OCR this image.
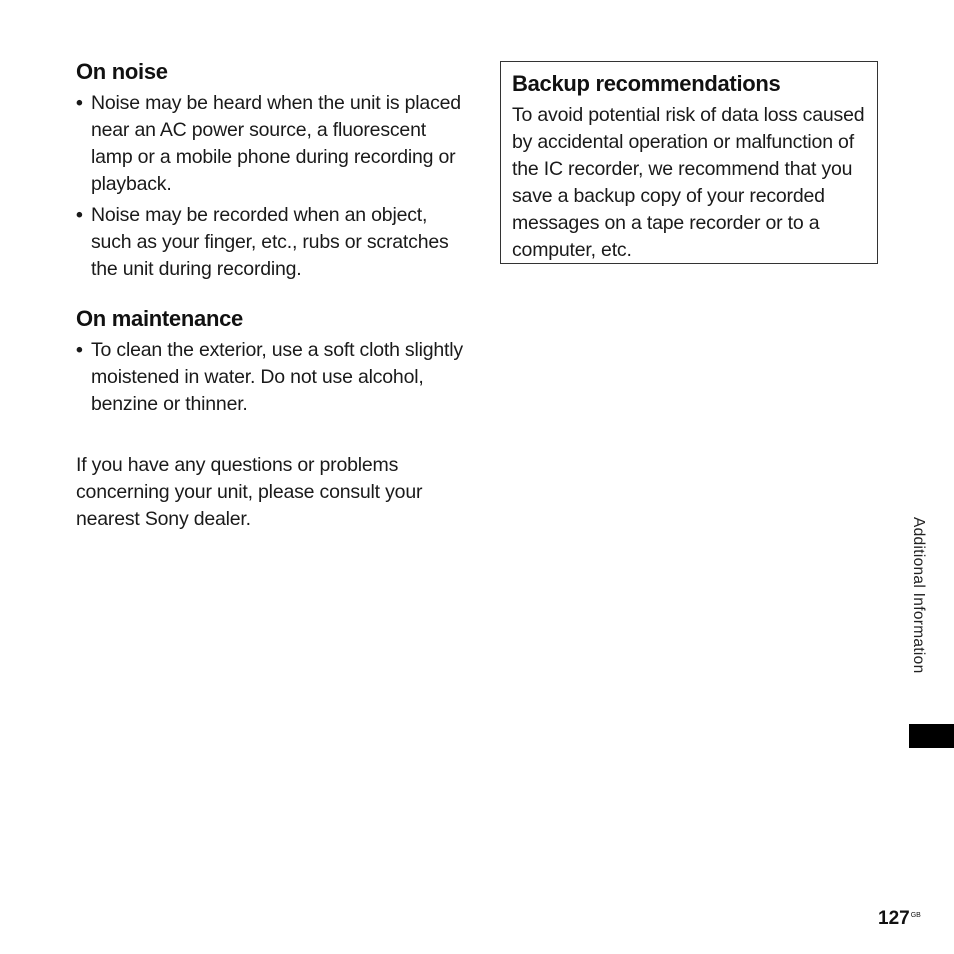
On noise
• Noise may be heard when the unit is placed near an AC power source, a fluorescent lamp or a mobile phone during recording or playback.
• Noise may be recorded when an object, such as your finger, etc., rubs or scratches the unit during recording.
On maintenance
• To clean the exterior, use a soft cloth slightly moistened in water. Do not use alcohol, benzine or thinner.

If you have any questions or problems concerning your unit, please consult your nearest Sony dealer.

Backup recommendations

To avoid potential risk of data loss caused by accidental operation or malfunction of the IC recorder, we recommend that you save a backup copy of your recorded messages on a tape recorder or to a computer, etc.

Additional Information
$127^{GB}$
